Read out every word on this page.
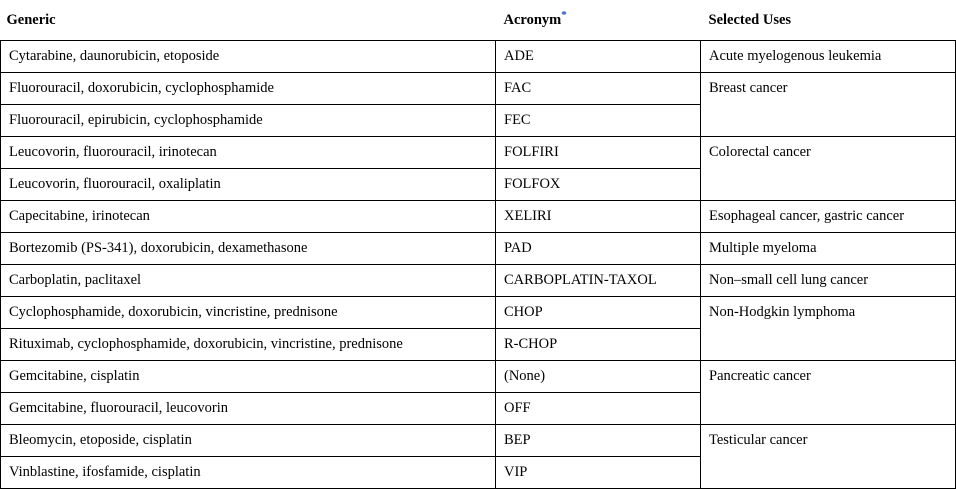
Generic	Acronym*	Selected Uses
Cytarabine, daunorubicin, etoposide	ADE	Acute myelogenous leukemia
Fluorouracil, doxorubicin, cyclophosphamide	FAC	Breast cancer
Fluorouracil, epirubicin, cyclophosphamide	FEC	
Leucovorin, fluorouracil, irinotecan	FOLFIRI	Colorectal cancer
Leucovorin, fluorouracil, oxaliplatin	FOLFOX	
Capecitabine, irinotecan	XELIRI	Esophageal cancer, gastric cancer
Bortezomib (PS-341), doxorubicin, dexamethasone	PAD	Multiple myeloma
Carboplatin, paclitaxel	CARBOPLATIN-TAXOL	Non–small cell lung cancer
Cyclophosphamide, doxorubicin, vincristine, prednisone	CHOP	Non-Hodgkin lymphoma
Rituximab, cyclophosphamide, doxorubicin, vincristine, prednisone	R-CHOP	
Gemcitabine, cisplatin	(None)	Pancreatic cancer
Gemcitabine, fluorouracil, leucovorin	OFF	
Bleomycin, etoposide, cisplatin	BEP	Testicular cancer
Vinblastine, ifosfamide, cisplatin	VIP	
